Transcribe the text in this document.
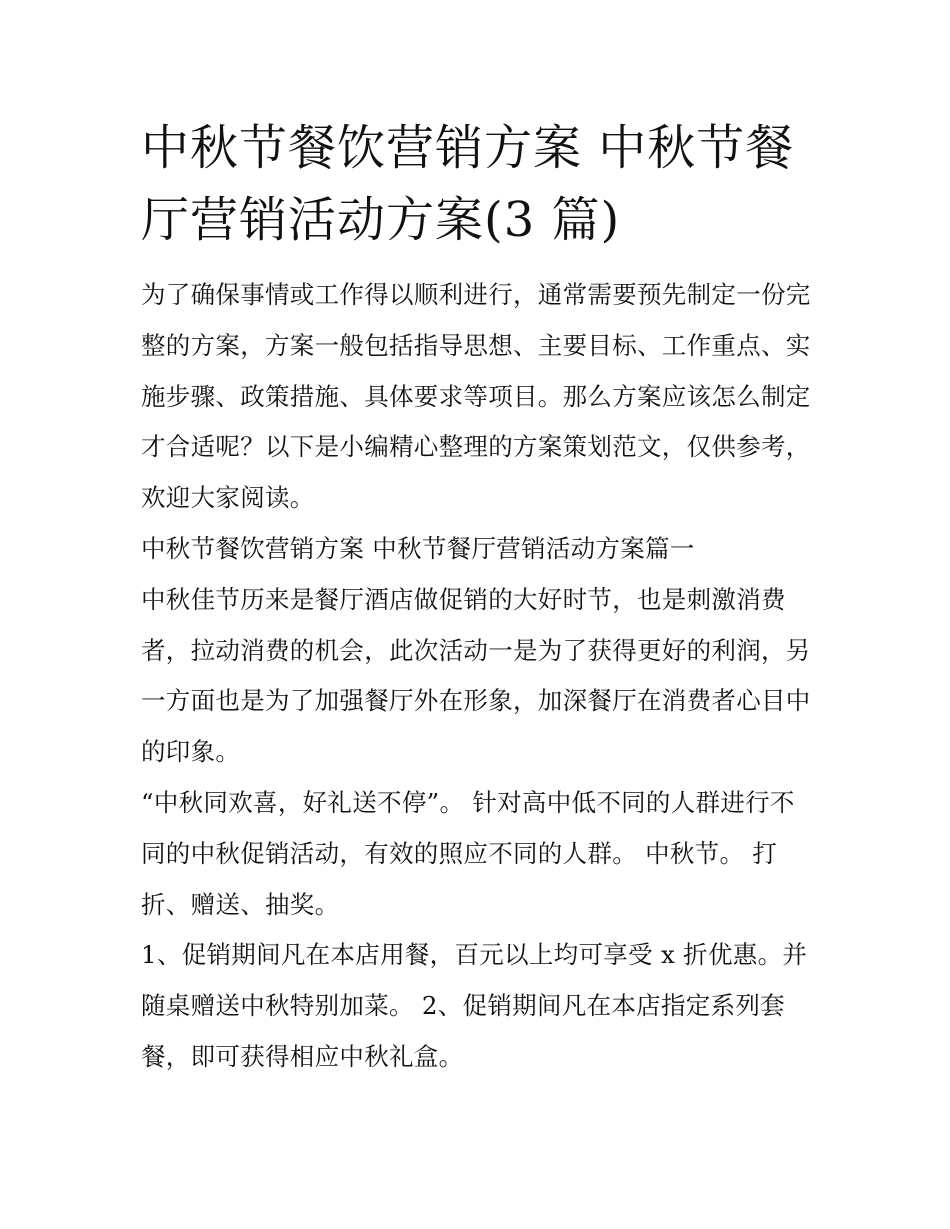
中秋节餐饮营销方案 中秋节餐
厅营销活动方案(3 篇)

为了确保事情或工作得以顺利进行，通常需要预先制定一份完
整的方案，方案一般包括指导思想、主要目标、工作重点、实
施步骤、政策措施、具体要求等项目。那么方案应该怎么制定
才合适呢？以下是小编精心整理的方案策划范文，仅供参考，
欢迎大家阅读。

中秋节餐饮营销方案 中秋节餐厅营销活动方案篇一

中秋佳节历来是餐厅酒店做促销的大好时节，也是刺激消费
者，拉动消费的机会，此次活动一是为了获得更好的利润，另
一方面也是为了加强餐厅外在形象，加深餐厅在消费者心目中
的印象。

“中秋同欢喜，好礼送不停”。 针对高中低不同的人群进行不
同的中秋促销活动，有效的照应不同的人群。 中秋节。 打
折、赠送、抽奖。

1、促销期间凡在本店用餐，百元以上均可享受 x 折优惠。并
随桌赠送中秋特别加菜。 2、促销期间凡在本店指定系列套
餐，即可获得相应中秋礼盒。
